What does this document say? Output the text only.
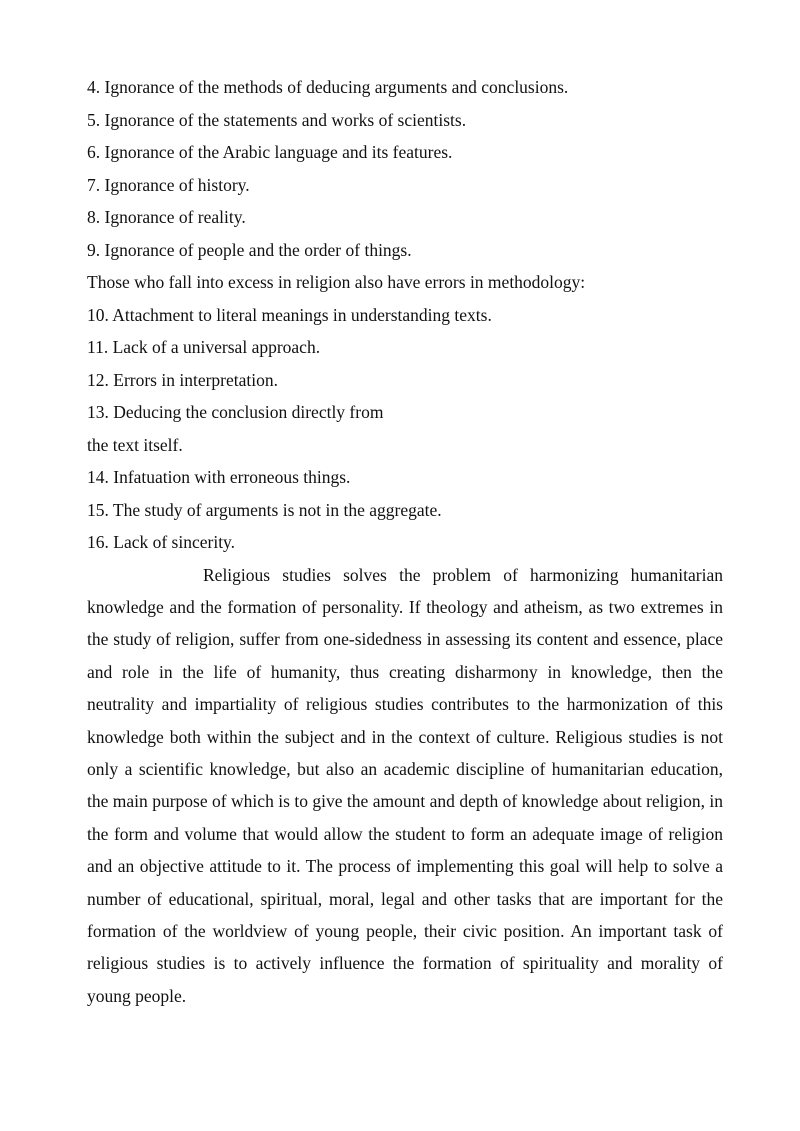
4. Ignorance of the methods of deducing arguments and conclusions.
5. Ignorance of the statements and works of scientists.
6. Ignorance of the Arabic language and its features.
7. Ignorance of history.
8. Ignorance of reality.
9. Ignorance of people and the order of things.
Those who fall into excess in religion also have errors in methodology:
10. Attachment to literal meanings in understanding texts.
11. Lack of a universal approach.
12. Errors in interpretation.
13. Deducing the conclusion directly from
the text itself.
14. Infatuation with erroneous things.
15. The study of arguments is not in the aggregate.
16. Lack of sincerity.

Religious studies solves the problem of harmonizing humanitarian knowledge and the formation of personality. If theology and atheism, as two extremes in the study of religion, suffer from one-sidedness in assessing its content and essence, place and role in the life of humanity, thus creating disharmony in knowledge, then the neutrality and impartiality of religious studies contributes to the harmonization of this knowledge both within the subject and in the context of culture. Religious studies is not only a scientific knowledge, but also an academic discipline of humanitarian education, the main purpose of which is to give the amount and depth of knowledge about religion, in the form and volume that would allow the student to form an adequate image of religion and an objective attitude to it. The process of implementing this goal will help to solve a number of educational, spiritual, moral, legal and other tasks that are important for the formation of the worldview of young people, their civic position. An important task of religious studies is to actively influence the formation of spirituality and morality of young people.
